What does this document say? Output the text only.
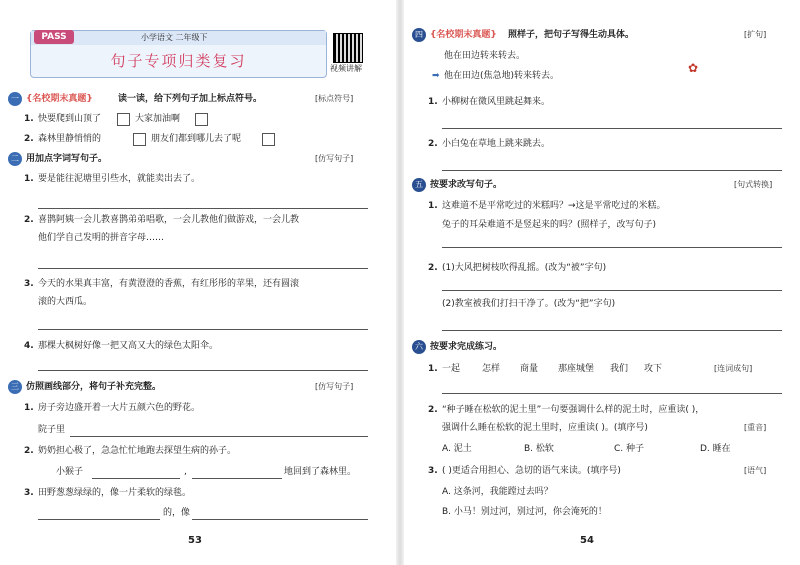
小学语文 二年级下
句子专项归类复习
PASS
视频讲解
一 {名校期末真题}	读一读，给下列句子加上标点符号。	[标点符号]
1. 快要爬到山顶了	大家加油啊
2. 森林里静悄悄的	朋友们都到哪儿去了呢
二 用加点字词写句子。	[仿写句子]
1. 要是能往泥塘里引些水，就能卖出去了。
2. 喜鹊阿姨一会儿教喜鹊弟弟唱歌，一会儿教他们做游戏，一会儿教
他们学自己发明的拼音字母……
3. 今天的水果真丰富，有黄澄澄的香蕉，有红彤彤的苹果，还有圆滚
滚的大西瓜。
4. 那棵大枫树好像一把又高又大的绿色太阳伞。
三 仿照画线部分，将句子补充完整。	[仿写句子]
1. 房子旁边盛开着一大片五颜六色的野花。
院子里
2. 奶奶担心极了，急急忙忙地跑去探望生病的孙子。
小猴子	,	地回到了森林里。
3. 田野葱葱绿绿的，像一片柔软的绿毯。
的，像
53
四 {名校期末真题} 照样子，把句子写得生动具体。	[扩句]
他在田边转来转去。
➡ 他在田边(焦急地)转来转去。
✿
1. 小柳树在微风里跳起舞来。
2. 小白兔在草地上跳来跳去。
五 按要求改写句子。	[句式转换]
1. 这难道不是平常吃过的米糕吗？→这是平常吃过的米糕。
兔子的耳朵难道不是竖起来的吗？(照样子，改写句子)
2. (1)大风把树枝吹得乱摇。(改为“被”字句)
(2)教室被我们打扫干净了。(改为“把”字句)
六 按要求完成练习。
1. 一起 怎样 商量 那座城堡 我们 攻下	[连词成句]
2. “种子睡在松软的泥土里”一句要强调什么样的泥土时，应重读( )，
强调什么睡在松软的泥土里时，应重读( )。(填序号)	[重音]
A. 泥土	B. 松软	C. 种子	D. 睡在
3. ( )更适合用担心、急切的语气来读。(填序号)	[语气]
A. 这条河，我能蹚过去吗？
B. 小马！别过河，别过河，你会淹死的！
54
